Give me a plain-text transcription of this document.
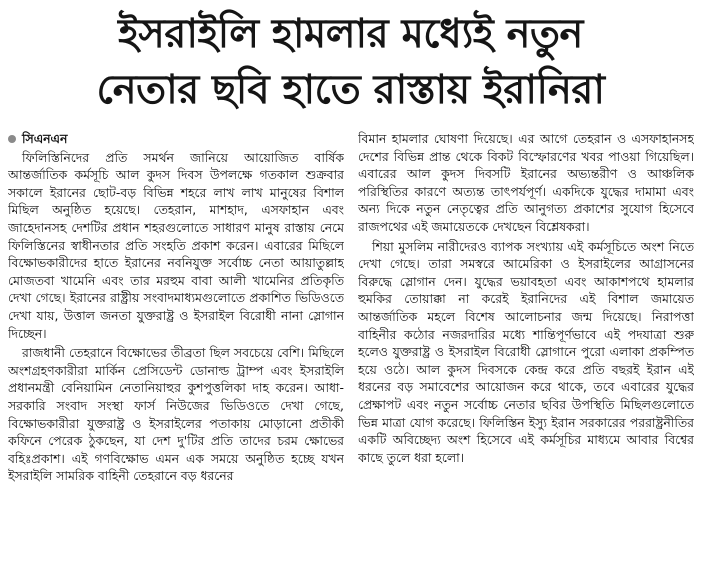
ইসরাইলি হামলার মধ্যেই নতুন
নেতার ছবি হাতে রাস্তায় ইরানিরা
সিএনএন

ফিলিস্তিনিদের প্রতি সমর্থন জানিয়ে আয়োজিত বার্ষিক আন্তর্জাতিক কর্মসূচি আল কুদস দিবস উপলক্ষে গতকাল শুক্রবার সকালে ইরানের ছোট-বড় বিভিন্ন শহরে লাখ লাখ মানুষের বিশাল মিছিল অনুষ্ঠিত হয়েছে। তেহরান, মাশহাদ, এসফাহান এবং জাহেদানসহ দেশটির প্রধান শহরগুলোতে সাধারণ মানুষ রাস্তায় নেমে ফিলিস্তিনের স্বাধীনতার প্রতি সংহতি প্রকাশ করেন। এবারের মিছিলে বিক্ষোভকারীদের হাতে ইরানের নবনিযুক্ত সর্বোচ্চ নেতা আয়াতুল্লাহ মোজতবা খামেনি এবং তার মরহুম বাবা আলী খামেনির প্রতিকৃতি দেখা গেছে। ইরানের রাষ্ট্রীয় সংবাদমাধ্যমগুলোতে প্রকাশিত ভিডিওতে দেখা যায়, উত্তাল জনতা যুক্তরাষ্ট্র ও ইসরাইল বিরোধী নানা স্লোগান দিচ্ছেন।

রাজধানী তেহরানে বিক্ষোভের তীব্রতা ছিল সবচেয়ে বেশি। মিছিলে অংশগ্রহণকারীরা মার্কিন প্রেসিডেন্ট ডোনাল্ড ট্রাম্প এবং ইসরাইলি প্রধানমন্ত্রী বেনিয়ামিন নেতানিয়াহুর কুশপুত্তলিকা দাহ করেন। আধা-সরকারি সংবাদ সংস্থা ফার্স নিউজের ভিডিওতে দেখা গেছে, বিক্ষোভকারীরা যুক্তরাষ্ট্র ও ইসরাইলের পতাকায় মোড়ানো প্রতীকী কফিনে পেরেক ঠুকছেন, যা দেশ দু'টির প্রতি তাদের চরম ক্ষোভের বহিঃপ্রকাশ। এই গণবিক্ষোভ এমন এক সময়ে অনুষ্ঠিত হচ্ছে যখন ইসরাইলি সামরিক বাহিনী তেহরানে বড় ধরনের

বিমান হামলার ঘোষণা দিয়েছে। এর আগে তেহরান ও এসফাহানসহ দেশের বিভিন্ন প্রান্ত থেকে বিকট বিস্ফোরণের খবর পাওয়া গিয়েছিল। এবারের আল কুদস দিবসটি ইরানের অভ্যন্তরীণ ও আঞ্চলিক পরিস্থিতির কারণে অত্যন্ত তাৎপর্যপূর্ণ। একদিকে যুদ্ধের দামামা এবং অন্য দিকে নতুন নেতৃত্বের প্রতি আনুগত্য প্রকাশের সুযোগ হিসেবে রাজপথের এই জমায়েতকে দেখছেন বিশ্লেষকরা।

শিয়া মুসলিম নারীদেরও ব্যাপক সংখ্যায় এই কর্মসূচিতে অংশ নিতে দেখা গেছে। তারা সমস্বরে আমেরিকা ও ইসরাইলের আগ্রাসনের বিরুদ্ধে স্লোগান দেন। যুদ্ধের ভয়াবহতা এবং আকাশপথে হামলার হুমকির তোয়াক্কা না করেই ইরানিদের এই বিশাল জমায়েত আন্তর্জাতিক মহলে বিশেষ আলোচনার জন্ম দিয়েছে। নিরাপত্তা বাহিনীর কঠোর নজরদারির মধ্যে শান্তিপূর্ণভাবে এই পদযাত্রা শুরু হলেও যুক্তরাষ্ট্র ও ইসরাইল বিরোধী স্লোগানে পুরো এলাকা প্রকম্পিত হয়ে ওঠে। আল কুদস দিবসকে কেন্দ্র করে প্রতি বছরই ইরান এই ধরনের বড় সমাবেশের আয়োজন করে থাকে, তবে এবারের যুদ্ধের প্রেক্ষাপট এবং নতুন সর্বোচ্চ নেতার ছবির উপস্থিতি মিছিলগুলোতে ভিন্ন মাত্রা যোগ করেছে। ফিলিস্তিন ইস্যু ইরান সরকারের পররাষ্ট্রনীতির একটি অবিচ্ছেদ্য অংশ হিসেবে এই কর্মসূচির মাধ্যমে আবার বিশ্বের কাছে তুলে ধরা হলো।
